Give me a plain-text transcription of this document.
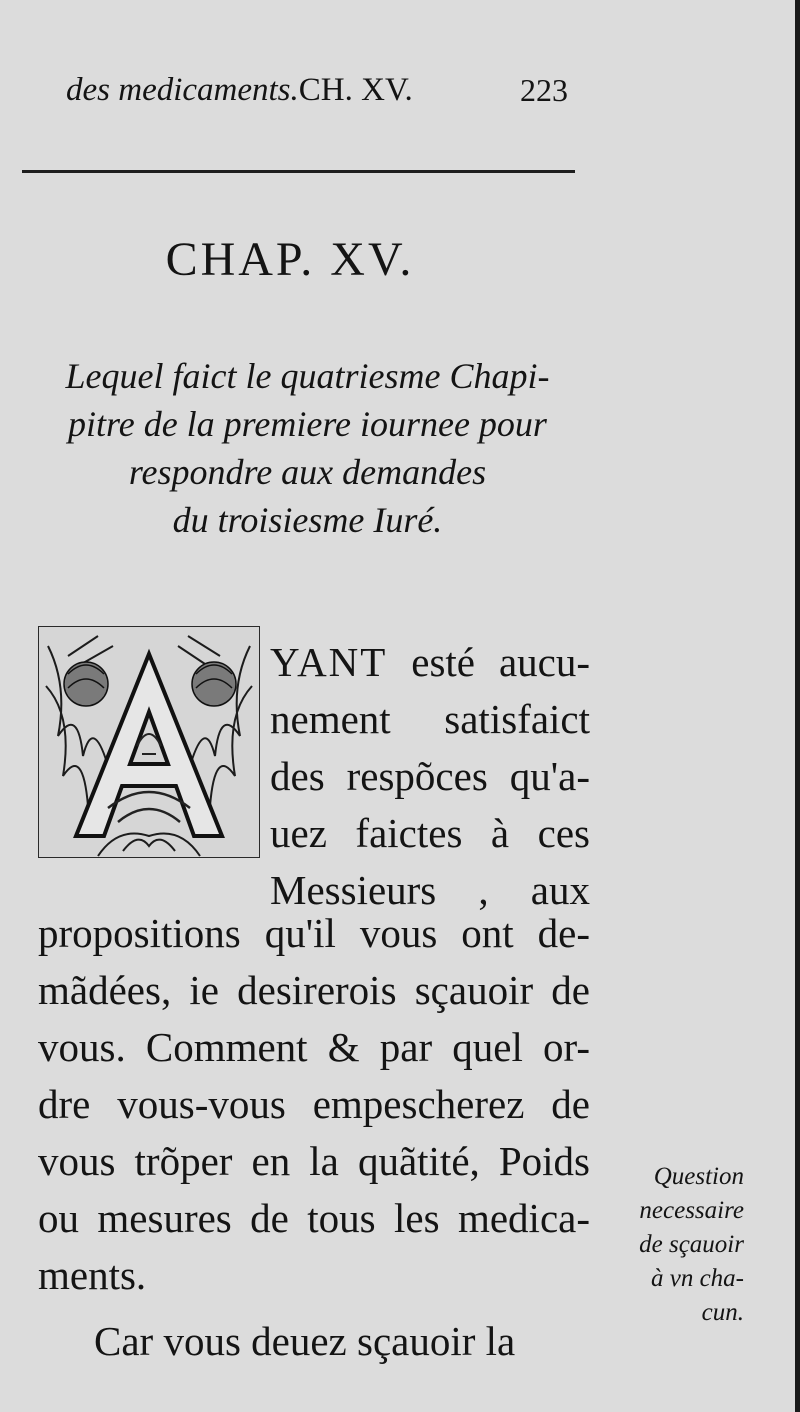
des medicaments.CH. XV.	223
CHAP. XV.
Lequel faict le quatriesme Chapi-
pitre de la premiere iournee pour
respondre aux demandes
du troisiesme Iuré.
YANT esté aucu-
nement satisfaict
des respõces qu'a-
uez faictes à ces
Messieurs , aux
propositions qu'il vous ont de-
mãdées, ie desirerois sçauoir de
vous. Comment & par quel or-
dre vous-vous empescherez de
vous trõper en la quãtité, Poids
ou mesures de tous les medica-
ments.
Car vous deuez sçauoir la
Question
necessaire
de sçauoir
à vn cha-
cun.
